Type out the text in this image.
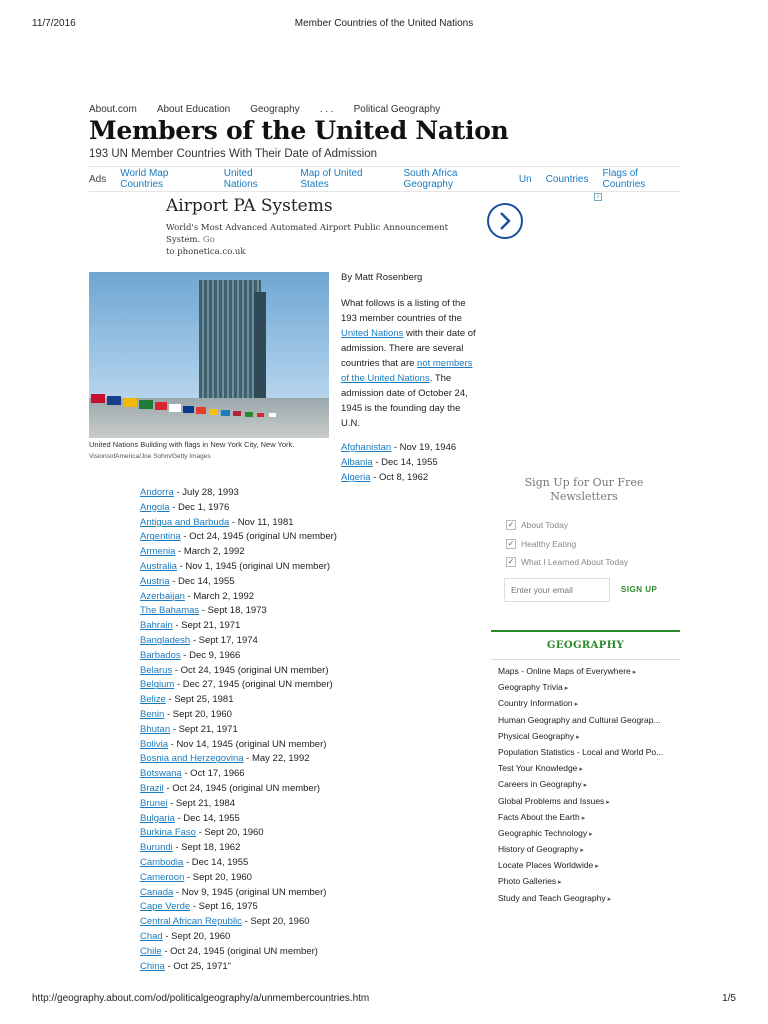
11/7/2016	Member Countries of the United Nations
About.com About Education Geography . . . Political Geography
Members of the United Nation
193 UN Member Countries With Their Date of Admission
Ads World Map Countries
United Nations
Map of United States
South Africa Geography	Un Countries Flags of Countries
Airport PA Systems
World's Most Advanced Automated Airport Public Announcement System. Go
to phonetica.co.uk
i
United Nations Building with flags in New York City, New York.
VisionsofAmerica/Joe Sohm/Getty Images
By Matt Rosenberg
What follows is a listing of the 193 member countries of the United Nations with their date of admission. There are several countries that are not members of the United Nations. The admission date of October 24, 1945 is the founding day the U.N.
Afghanistan - Nov 19, 1946
Albania - Dec 14, 1955
Algeria - Oct 8, 1962
Andorra - July 28, 1993
Angola - Dec 1, 1976
Antigua and Barbuda - Nov 11, 1981
Argentina - Oct 24, 1945 (original UN member)
Armenia - March 2, 1992
Australia - Nov 1, 1945 (original UN member)
Austria - Dec 14, 1955
Azerbaijan - March 2, 1992
The Bahamas - Sept 18, 1973
Bahrain - Sept 21, 1971
Bangladesh - Sept 17, 1974
Barbados - Dec 9, 1966
Belarus - Oct 24, 1945 (original UN member)
Belgium - Dec 27, 1945 (original UN member)
Belize - Sept 25, 1981
Benin - Sept 20, 1960
Bhutan - Sept 21, 1971
Bolivia - Nov 14, 1945 (original UN member)
Bosnia and Herzegovina - May 22, 1992
Botswana - Oct 17, 1966
Brazil - Oct 24, 1945 (original UN member)
Brunei - Sept 21, 1984
Bulgaria - Dec 14, 1955
Burkina Faso - Sept 20, 1960
Burundi - Sept 18, 1962
Cambodia - Dec 14, 1955
Cameroon - Sept 20, 1960
Canada - Nov 9, 1945 (original UN member)
Cape Verde - Sept 16, 1975
Central African Republic - Sept 20, 1960
Chad - Sept 20, 1960
Chile - Oct 24, 1945 (original UN member)
China - Oct 25, 1971"
Sign Up for Our Free Newsletters
✓ About Today
✓ Healthy Eating
✓ What I Learned About Today
Enter your email
SIGN UP
GEOGRAPHY
Maps - Online Maps of Everywhere ▸
Geography Trivia ▸
Country Information ▸
Human Geography and Cultural Geograp...
Physical Geography ▸
Population Statistics - Local and World Po...
Test Your Knowledge ▸
Careers in Geography ▸
Global Problems and Issues ▸
Facts About the Earth ▸
Geographic Technology ▸
History of Geography ▸
Locate Places Worldwide ▸
Photo Galleries ▸
Study and Teach Geography ▸
http://geography.about.com/od/politicalgeography/a/unmembercountries.htm	1/5
